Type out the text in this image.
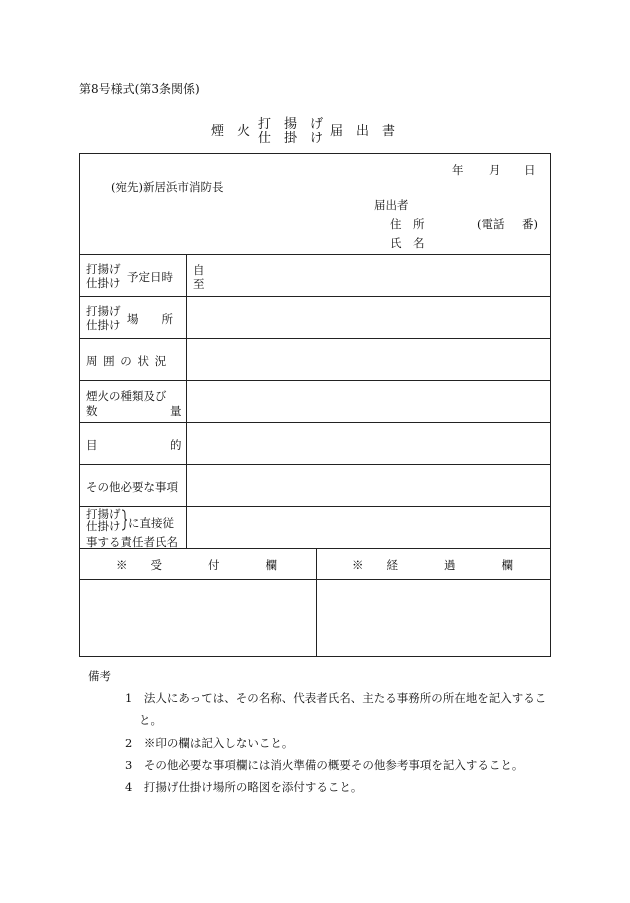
第8号様式(第3条関係)
煙　火 打　揚　げ
仕　掛　け 届　出　書
年 月 日
(宛先)新居浜市消防長
届出者
住　所	(電話 番)
氏　名
打揚げ
仕掛け 予定日時 自
至
打揚げ
仕掛け 場　　所
周 囲 の 状 況
煙火の種類及び
数	量
目	的
その他必要な事項
打揚げ
仕掛け に直接従
事する責任者氏名
※　　受　　　　付　　　　欄	※　　経　　　　過　　　　欄
備考
1　法人にあっては、その名称、代表者氏名、主たる事務所の所在地を記入するこ
と。
2　※印の欄は記入しないこと。
3　その他必要な事項欄には消火準備の概要その他参考事項を記入すること。
4　打揚げ仕掛け場所の略図を添付すること。
